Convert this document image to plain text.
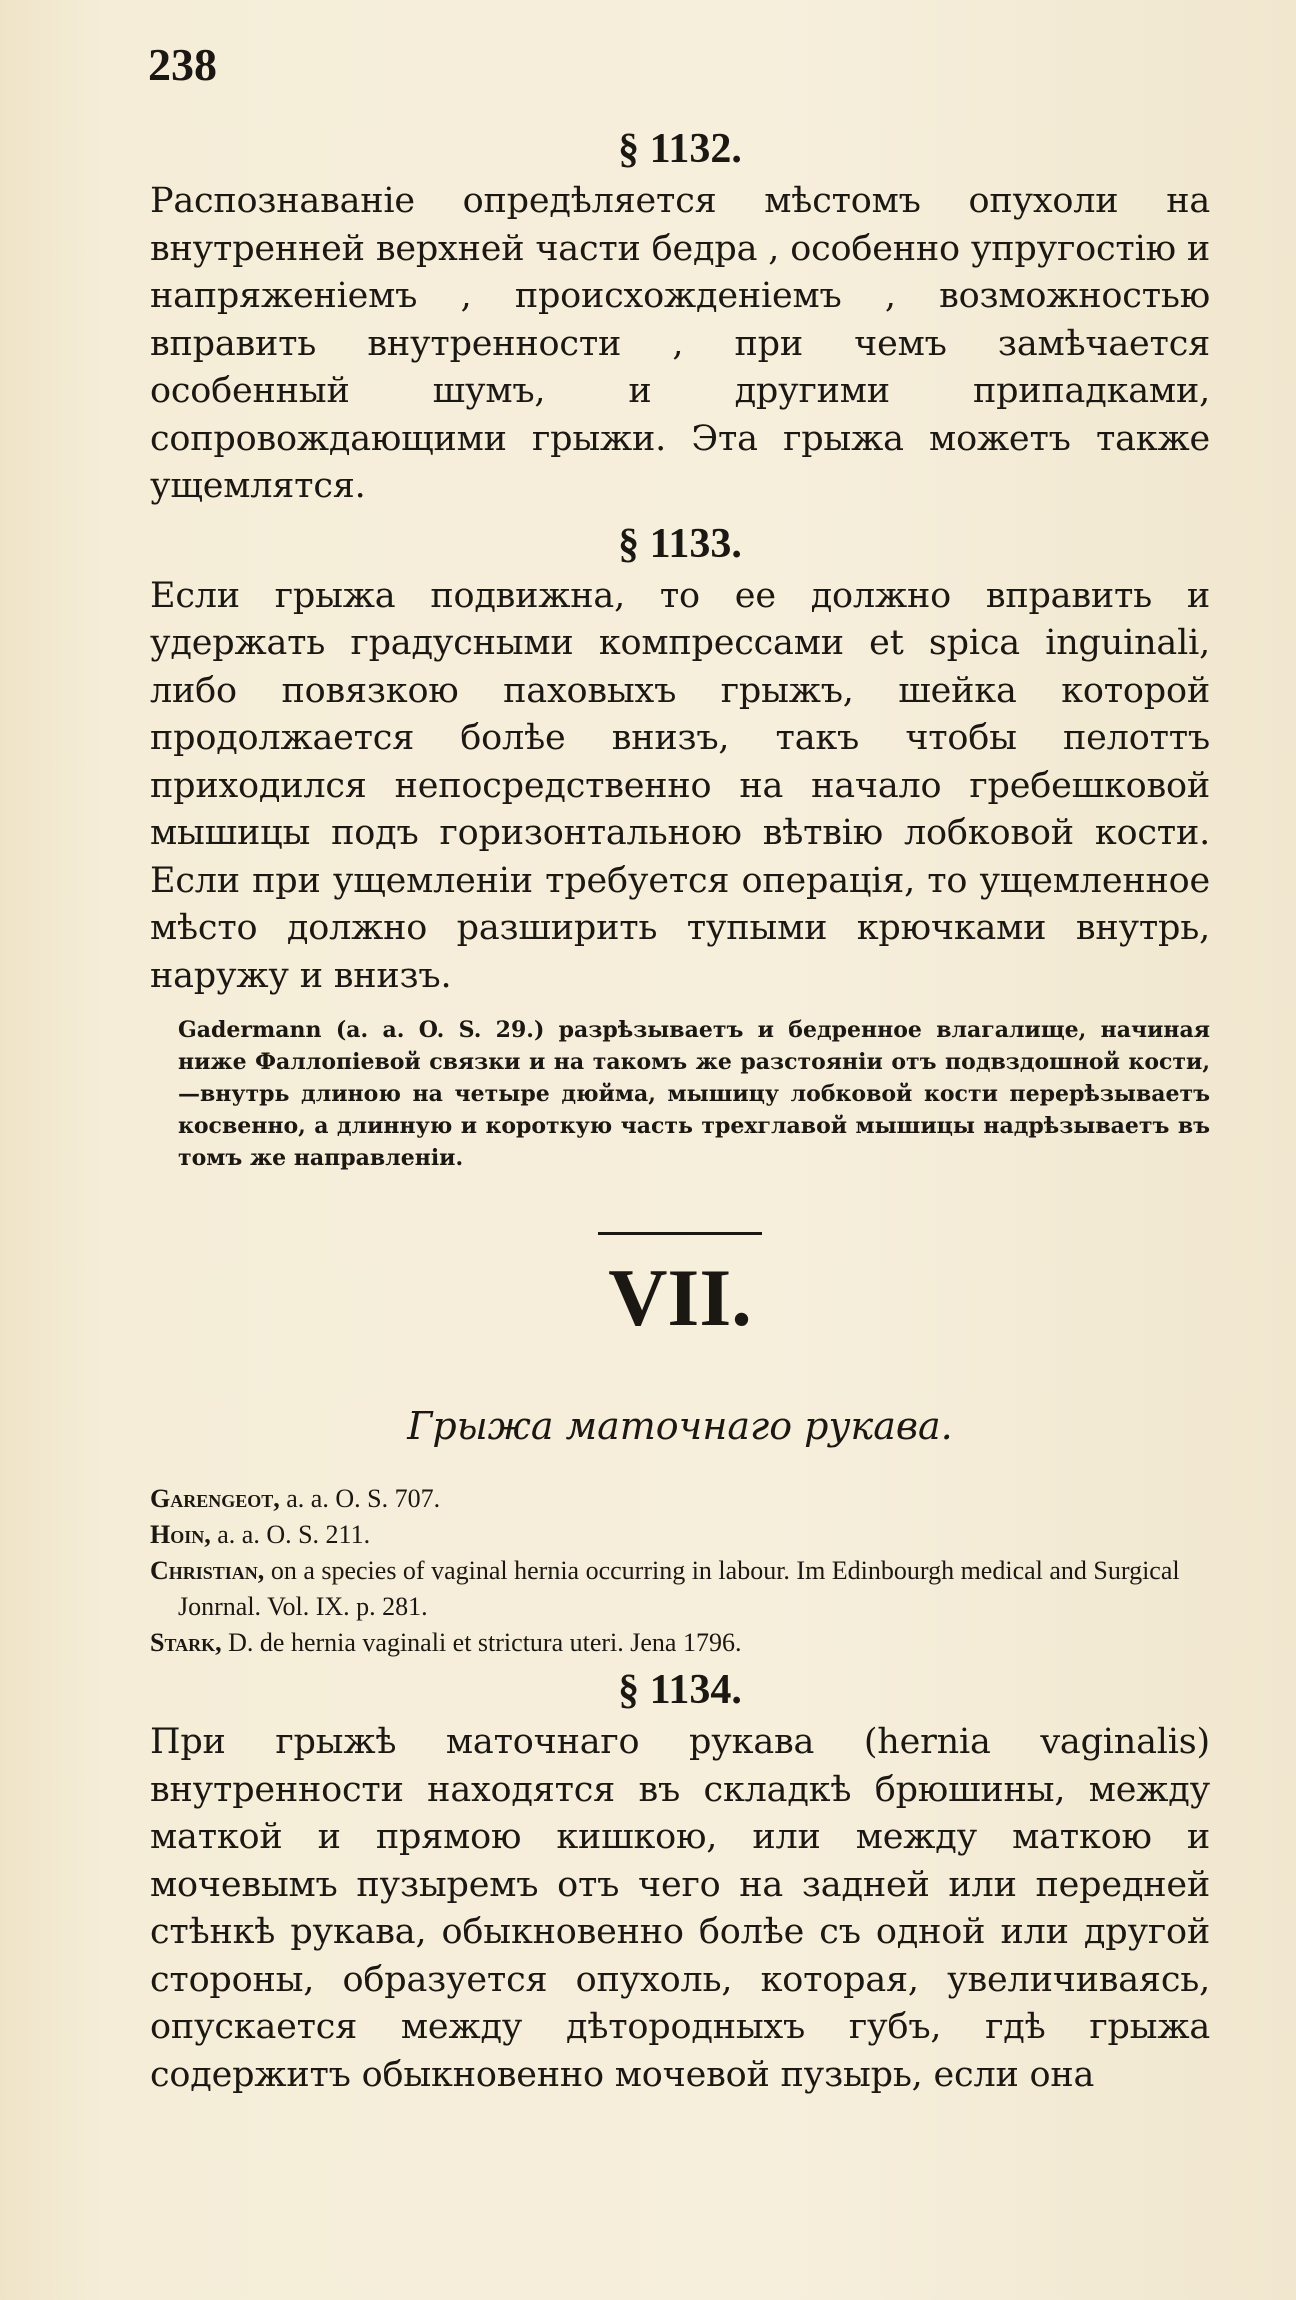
238
§ 1132.

Распознаваніе опредѣляется мѣстомъ опухоли на внутренней верхней части бедра , особенно упругостію и напряженіемъ , происхожденіемъ , возможностью вправить внутренности , при чемъ замѣчается особенный шумъ, и другими припадками, сопровождающими грыжи. Эта грыжа можетъ также ущемлятся.

§ 1133.

Если грыжа подвижна, то ее должно вправить и удержать градусными компрессами et spica inguinali, либо повязкою паховыхъ грыжъ, шейка которой продолжается болѣе внизъ, такъ чтобы пелоттъ приходился непосредственно на начало гребешковой мышицы подъ горизонтальною вѣтвію лобковой кости. Если при ущемленіи требуется операція, то ущемленное мѣсто должно разширить тупыми крючками внутрь, наружу и внизъ.

Gadermann (а. а. O. S. 29.) разрѣзываетъ и бедренное влагалище, начиная ниже Фаллопіевой связки и на такомъ же разстояніи отъ подвздошной кости,—внутрь длиною на четыре дюйма, мышицу лобковой кости перерѣзываетъ косвенно, а длинную и короткую часть трехглавой мышицы надрѣзываетъ въ томъ же направленіи.

VII.
Грыжа маточнаго рукава.

Garengeot, a. a. O. S. 707.

Hoin, a. a. O. S. 211.

Christian, on a species of vaginal hernia occurring in labour. Im Edinbourgh medical and Surgical Jonrnal. Vol. IX. p. 281.

Stark, D. de hernia vaginali et strictura uteri. Jena 1796.

§ 1134.

При грыжѣ маточнаго рукава (hernia vaginalis) внутренности находятся въ складкѣ брюшины, между маткой и прямою кишкою, или между маткою и мочевымъ пузыремъ отъ чего на задней или передней стѣнкѣ рукава, обыкновенно болѣе съ одной или другой стороны, образуется опухоль, которая, увеличиваясь, опускается между дѣтородныхъ губъ, гдѣ грыжа содержитъ обыкновенно мочевой пузырь, если она
